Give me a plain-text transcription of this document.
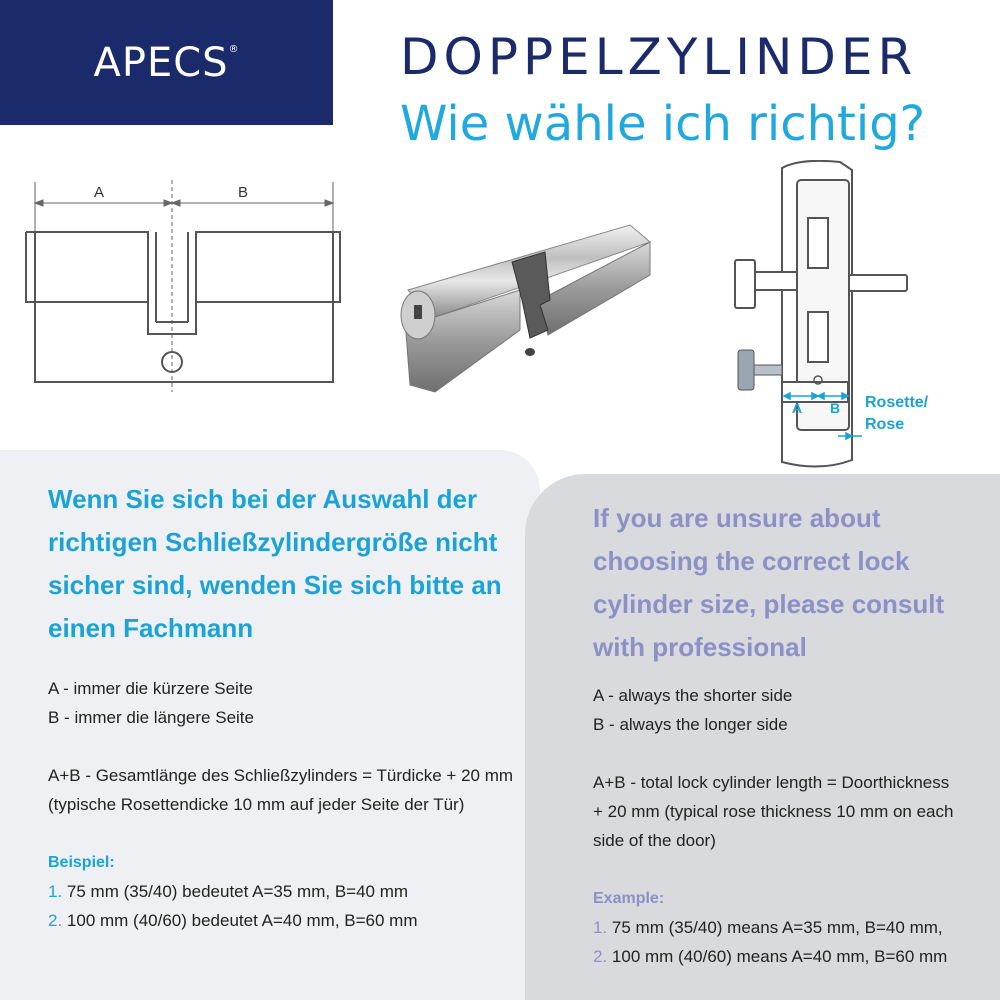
APECS®	DOPPELZYLINDER
Wie wähle ich richtig?
A	B
A B Rosette/
Rose
Wenn Sie sich bei der Auswahl der
richtigen Schließzylindergröße nicht
sicher sind, wenden Sie sich bitte an
einen Fachmann
A - immer die kürzere Seite
B - immer die längere Seite
A+B - Gesamtlänge des Schließzylinders = Türdicke + 20 mm
(typische Rosettendicke 10 mm auf jeder Seite der Tür)
Beispiel:
1. 75 mm (35/40) bedeutet A=35 mm, B=40 mm
2. 100 mm (40/60) bedeutet A=40 mm, B=60 mm
If you are unsure about
choosing the correct lock
cylinder size, please consult
with professional
A - always the shorter side
B - always the longer side
A+B - total lock cylinder length = Doorthickness
+ 20 mm (typical rose thickness 10 mm on each
side of the door)
Example:
1. 75 mm (35/40) means A=35 mm, B=40 mm,
2. 100 mm (40/60) means A=40 mm, B=60 mm
